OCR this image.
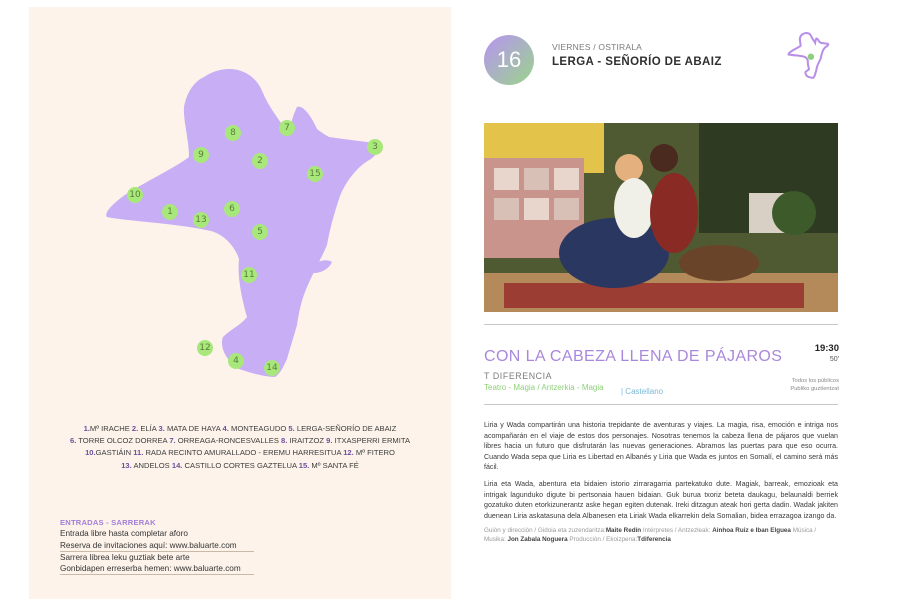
8	7
3
9
2
15
10
1
13
6
5
11
12
4
14
1.Mº IRACHE 2. ELÍA 3. MATA DE HAYA 4. MONTEAGUDO 5. LERGA-SEÑORÍO DE ABAIZ
6. TORRE OLCOZ DORREA 7. ORREAGA-RONCESVALLES 8. IRAITZOZ 9. ITXASPERRI ERMITA
10.GASTIÁIN 11. RADA RECINTO AMURALLADO - EREMU HARRESITUA 12. Mº FITERO
13. ANDELOS 14. CASTILLO CORTES GAZTELUA 15. Mº SANTA FÉ
ENTRADAS - SARRERAK
Entrada libre hasta completar aforo
Reserva de invitaciones aquí: www.baluarte.com
Sarrera librea leku guztiak bete arte
Gonbidapen erreserba hemen: www.baluarte.com
16	VIERNES / OSTIRALA
LERGA - SEÑORÍO DE ABAIZ
CON LA CABEZA LLENA DE PÁJAROS	19:30
50'
T DIFERENCIA
Teatro - Magia / Antzerkia - Magia | Castellano
Todos los públicos
Publiko guztientzat

Liria y Wada compartirán una historia trepidante de aventuras y viajes. La magia, risa, emoción e intriga nos acompañarán en el viaje de estos dos personajes. Nosotras tenemos la cabeza llena de pájaros que vuelan libres hacia un futuro que disfrutarán las nuevas generaciones. Abramos las puertas para que eso ocurra. Cuando Wada sepa que Liria es Libertad en Albanés y Liria que Wada es juntos en Somalí, el camino será más fácil.

Liria eta Wada, abentura eta bidaien istorio zirraragarria partekatuko dute. Magiak, barreak, emozioak eta intrigak lagunduko digute bi pertsonaia hauen bidaian. Guk burua txoriz beteta daukagu, belaunaldi berriek gozatuko duten etorkizunerantz aske hegan egiten dutenak. Ireki ditzagun ateak hori gerta dadin. Wadak jakiten duenean Liria askatasuna dela Albanesen eta Liriak Wada elkarrekin dela Somalian, bidea errazagoa izango da.

Guión y dirección / Gidoia eta zuzendaritza:Maite Redín Intérpretes / Antzezleak: Ainhoa Ruiz e Iban Elguea Música / Musika: Jon Zabala Noguera Producción / Ekoizpena:Tdiferencia
